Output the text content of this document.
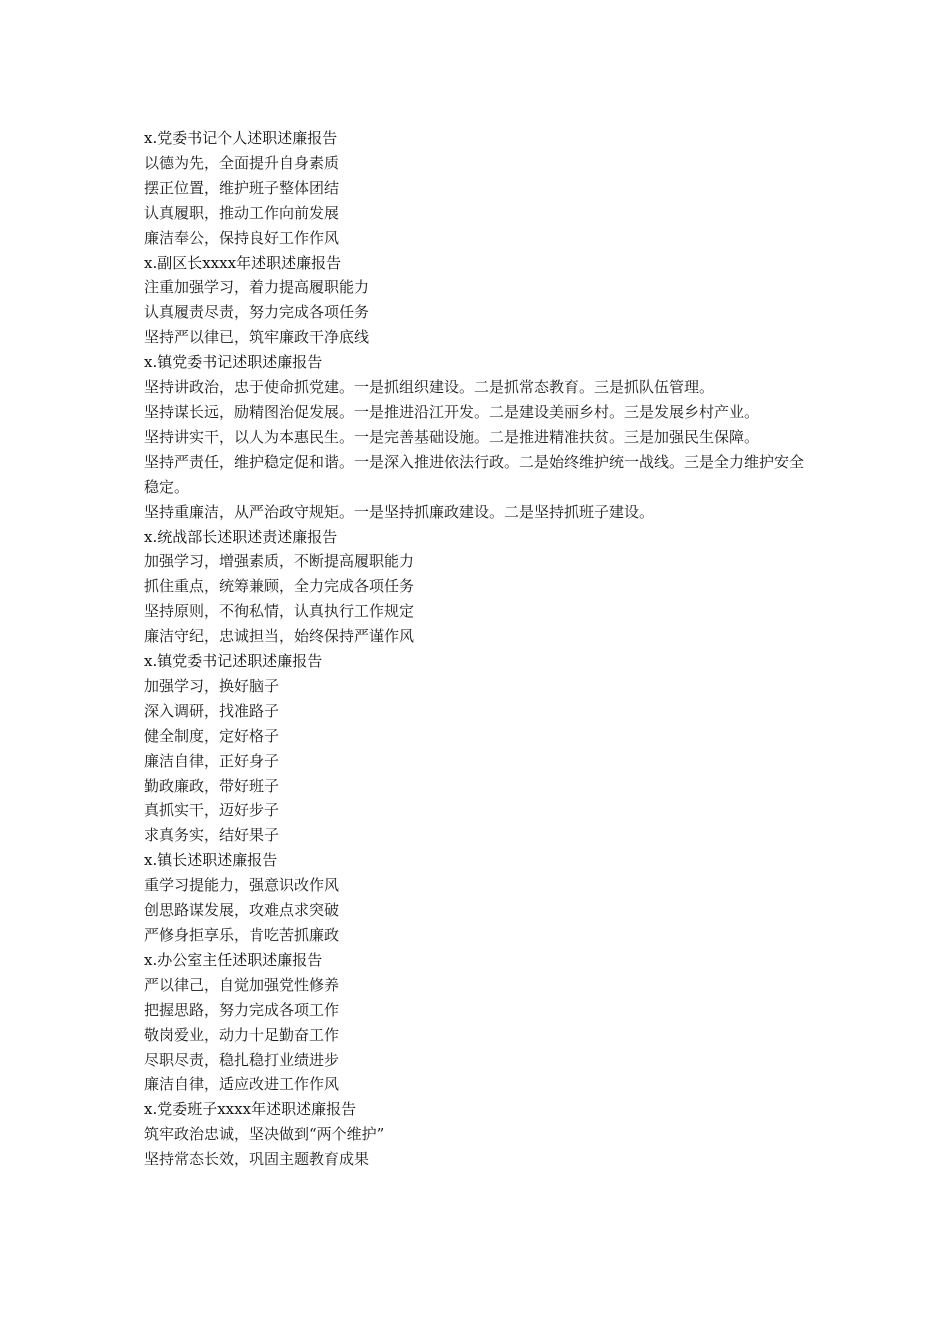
x.党委书记个人述职述廉报告

以德为先，全面提升自身素质

摆正位置，维护班子整体团结

认真履职，推动工作向前发展

廉洁奉公，保持良好工作作风

x.副区长xxxx年述职述廉报告

注重加强学习，着力提高履职能力

认真履责尽责，努力完成各项任务

坚持严以律已，筑牢廉政干净底线

x.镇党委书记述职述廉报告

坚持讲政治，忠于使命抓党建。一是抓组织建设。二是抓常态教育。三是抓队伍管理。

坚持谋长远，励精图治促发展。一是推进沿江开发。二是建设美丽乡村。三是发展乡村产业。

坚持讲实干，以人为本惠民生。一是完善基础设施。二是推进精准扶贫。三是加强民生保障。

坚持严责任，维护稳定促和谐。一是深入推进依法行政。二是始终维护统一战线。三是全力维护安全稳定。

坚持重廉洁，从严治政守规矩。一是坚持抓廉政建设。二是坚持抓班子建设。

x.统战部长述职述责述廉报告

加强学习，增强素质，不断提高履职能力

抓住重点，统筹兼顾，全力完成各项任务

坚持原则，不徇私情，认真执行工作规定

廉洁守纪，忠诚担当，始终保持严谨作风

x.镇党委书记述职述廉报告

加强学习，换好脑子

深入调研，找准路子

健全制度，定好格子

廉洁自律，正好身子

勤政廉政，带好班子

真抓实干，迈好步子

求真务实，结好果子

x.镇长述职述廉报告

重学习提能力，强意识改作风

创思路谋发展，攻难点求突破

严修身拒享乐，肯吃苦抓廉政

x.办公室主任述职述廉报告

严以律己，自觉加强党性修养

把握思路，努力完成各项工作

敬岗爱业，动力十足勤奋工作

尽职尽责，稳扎稳打业绩进步

廉洁自律，适应改进工作作风

x.党委班子xxxx年述职述廉报告

筑牢政治忠诚，坚决做到“两个维护”

坚持常态长效，巩固主题教育成果
